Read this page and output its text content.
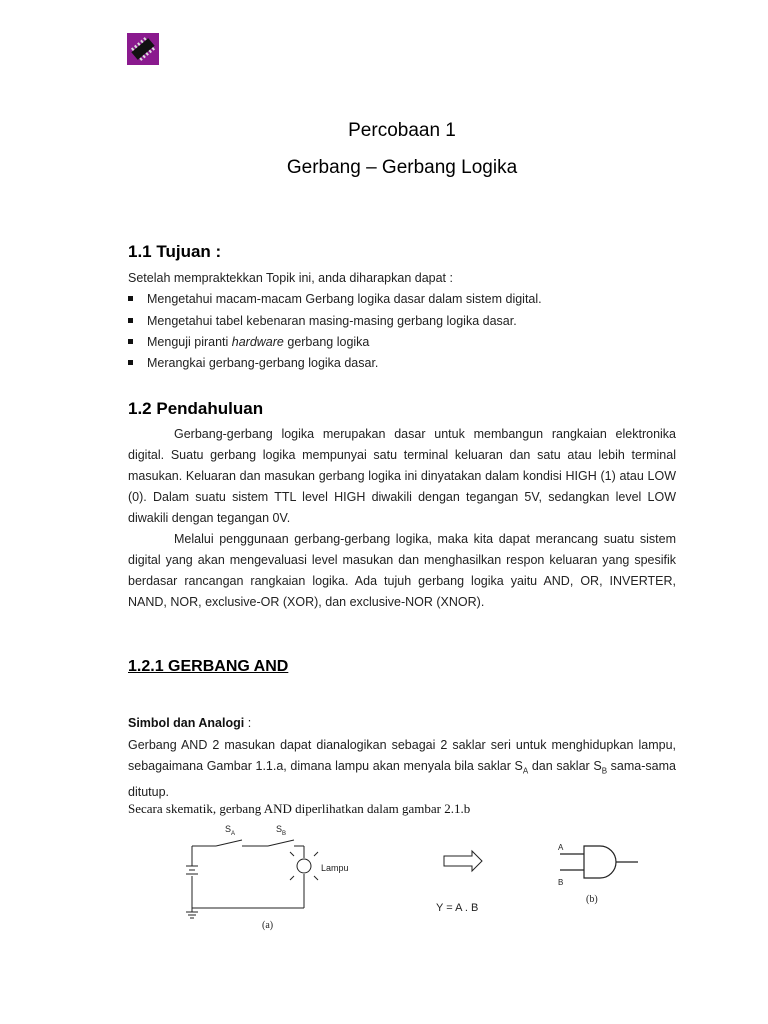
Percobaan 1
Gerbang – Gerbang Logika
1.1 Tujuan :
Setelah mempraktekkan Topik ini, anda diharapkan dapat :
Mengetahui macam-macam Gerbang logika dasar dalam sistem digital.
Mengetahui tabel kebenaran masing-masing gerbang logika dasar.
Menguji piranti hardware gerbang logika
Merangkai gerbang-gerbang logika dasar.
1.2 Pendahuluan
Gerbang-gerbang logika merupakan dasar untuk membangun rangkaian elektronika digital. Suatu gerbang logika mempunyai satu terminal keluaran dan satu atau lebih terminal masukan. Keluaran dan masukan gerbang logika ini dinyatakan dalam kondisi HIGH (1) atau LOW (0). Dalam suatu sistem TTL level HIGH diwakili dengan tegangan 5V, sedangkan level LOW diwakili dengan tegangan 0V.
Melalui penggunaan gerbang-gerbang logika, maka kita dapat merancang suatu sistem digital yang akan mengevaluasi level masukan dan menghasilkan respon keluaran yang spesifik berdasar rancangan rangkaian logika. Ada tujuh gerbang logika yaitu AND, OR, INVERTER, NAND, NOR, exclusive-OR (XOR), dan exclusive-NOR (XNOR).
1.2.1 GERBANG AND
Simbol dan Analogi :
Gerbang AND 2 masukan dapat dianalogikan sebagai 2 saklar seri untuk menghidupkan lampu, sebagaimana Gambar 1.1.a, dimana lampu akan menyala bila saklar $S_A$ dan saklar $S_B$ sama-sama ditutup.
Secara skematik, gerbang AND diperlihatkan dalam gambar 2.1.b
$S_A$	$S_B$
Lampu
(a)
Y = A . B
A
B
(b)
